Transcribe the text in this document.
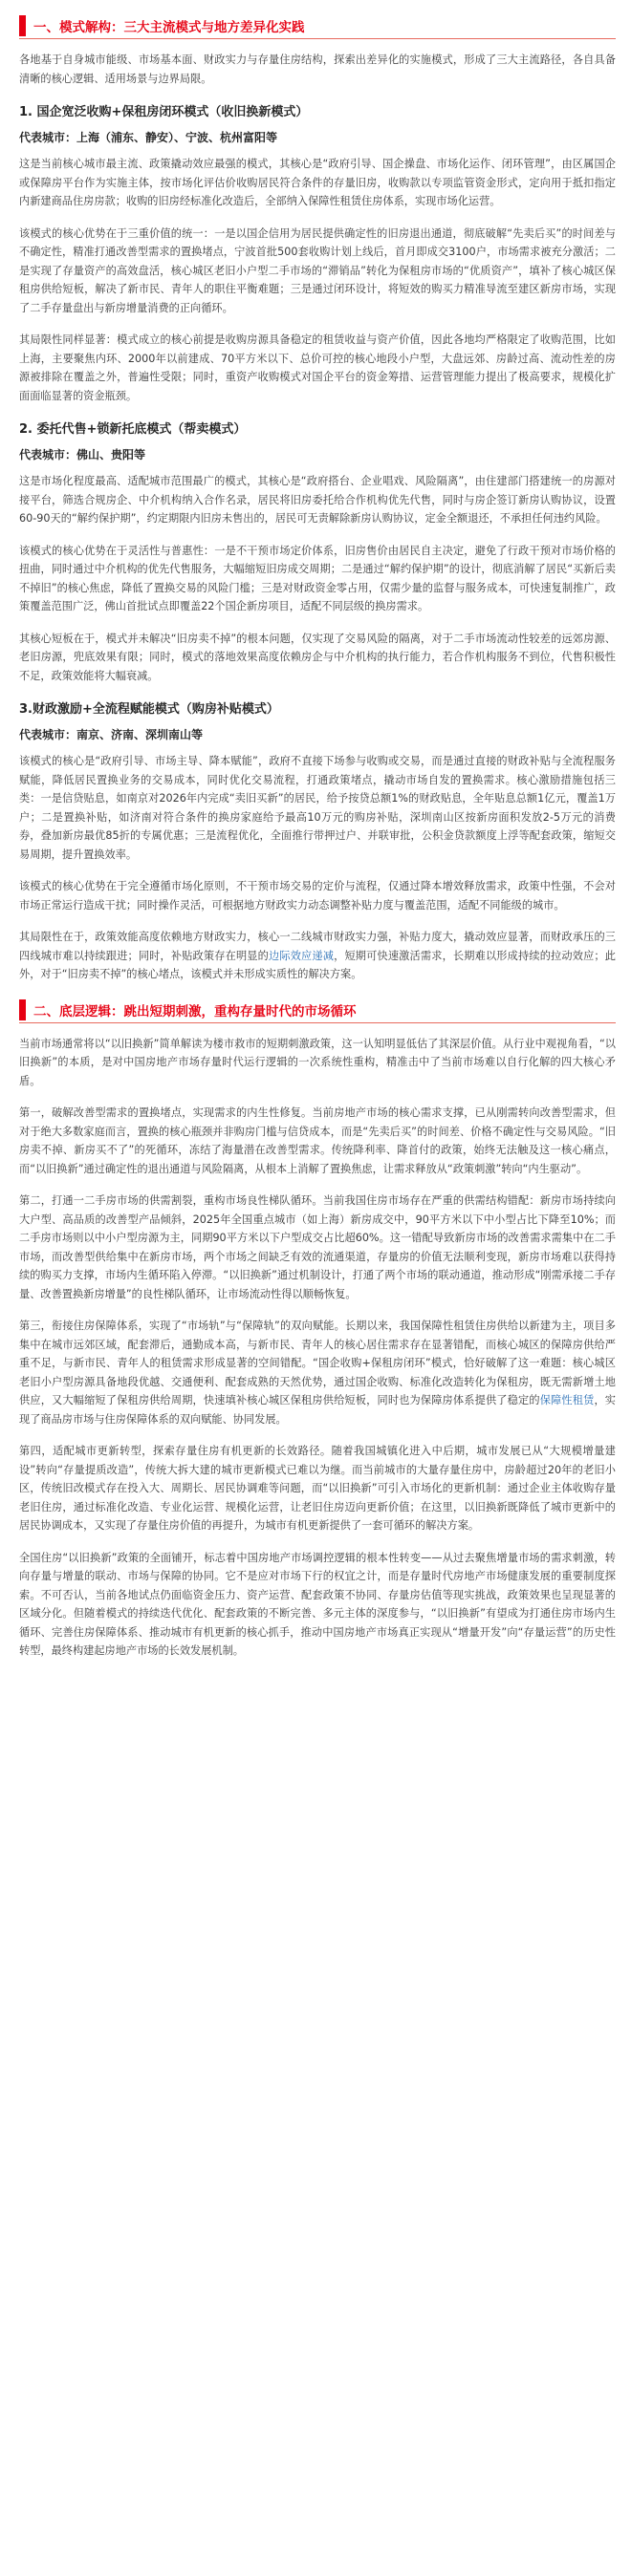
一、模式解构：三大主流模式与地方差异化实践

各地基于自身城市能级、市场基本面、财政实力与存量住房结构，探索出差异化的实施模式，形成了三大主流路径，各自具备清晰的核心逻辑、适用场景与边界局限。

1. 国企宽泛收购+保租房闭环模式（收旧换新模式）
代表城市：上海（浦东、静安）、宁波、杭州富阳等

这是当前核心城市最主流、政策撬动效应最强的模式，其核心是“政府引导、国企操盘、市场化运作、闭环管理”，由区属国企或保障房平台作为实施主体，按市场化评估价收购居民符合条件的存量旧房，收购款以专项监管资金形式，定向用于抵扣指定内新建商品住房房款；收购的旧房经标准化改造后，全部纳入保障性租赁住房体系，实现市场化运营。

该模式的核心优势在于三重价值的统一：一是以国企信用为居民提供确定性的旧房退出通道，彻底破解“先卖后买”的时间差与不确定性，精准打通改善型需求的置换堵点，宁波首批500套收购计划上线后，首月即成交3100户，市场需求被充分激活；二是实现了存量资产的高效盘活，核心城区老旧小户型二手市场的“滞销品”转化为保租房市场的“优质资产”，填补了核心城区保租房供给短板，解决了新市民、青年人的职住平衡难题；三是通过闭环设计，将短效的购买力精准导流至建区新房市场，实现了二手存量盘出与新房增量消费的正向循环。

其局限性同样显著：模式成立的核心前提是收购房源具备稳定的租赁收益与资产价值，因此各地均严格限定了收购范围，比如上海，主要聚焦内环、2000年以前建成、70平方米以下、总价可控的核心地段小户型，大盘远郊、房龄过高、流动性差的房源被排除在覆盖之外，普遍性受限；同时，重资产收购模式对国企平台的资金筹措、运营管理能力提出了极高要求，规模化扩面面临显著的资金瓶颈。

2. 委托代售+锁新托底模式（帮卖模式）
代表城市：佛山、贵阳等

这是市场化程度最高、适配城市范围最广的模式，其核心是“政府搭台、企业唱戏、风险隔离”，由住建部门搭建统一的房源对接平台，筛选合规房企、中介机构纳入合作名录，居民将旧房委托给合作机构优先代售，同时与房企签订新房认购协议，设置60-90天的“解约保护期”，约定期限内旧房未售出的，居民可无责解除新房认购协议，定金全额退还，不承担任何违约风险。

该模式的核心优势在于灵活性与普惠性：一是不干预市场定价体系，旧房售价由居民自主决定，避免了行政干预对市场价格的扭曲，同时通过中介机构的优先代售服务，大幅缩短旧房成交周期；二是通过“解约保护期”的设计，彻底消解了居民“买新后卖不掉旧”的核心焦虑，降低了置换交易的风险门槛；三是对财政资金零占用，仅需少量的监督与服务成本，可快速复制推广，政策覆盖范围广泛，佛山首批试点即覆盖22个国企新房项目，适配不同层级的换房需求。

其核心短板在于，模式并未解决“旧房卖不掉”的根本问题，仅实现了交易风险的隔离，对于二手市场流动性较差的远郊房源、老旧房源，兜底效果有限；同时，模式的落地效果高度依赖房企与中介机构的执行能力，若合作机构服务不到位，代售积极性不足，政策效能将大幅衰减。

3.财政激励+全流程赋能模式（购房补贴模式）
代表城市：南京、济南、深圳南山等

该模式的核心是“政府引导、市场主导、降本赋能”，政府不直接下场参与收购或交易，而是通过直接的财政补贴与全流程服务赋能，降低居民置换业务的交易成本，同时优化交易流程，打通政策堵点，撬动市场自发的置换需求。核心激励措施包括三类：一是信贷贴息，如南京对2026年内完成“卖旧买新”的居民，给予按贷总额1%的财政贴息，全年贴息总额1亿元，覆盖1万户；二是置换补贴，如济南对符合条件的换房家庭给予最高10万元的购房补贴，深圳南山区按新房面积发放2-5万元的消费券，叠加新房最优85折的专属优惠；三是流程优化，全面推行带押过户、并联审批，公积金贷款额度上浮等配套政策，缩短交易周期，提升置换效率。

该模式的核心优势在于完全遵循市场化原则，不干预市场交易的定价与流程，仅通过降本增效释放需求，政策中性强，不会对市场正常运行造成干扰；同时操作灵活，可根据地方财政实力动态调整补贴力度与覆盖范围，适配不同能级的城市。

其局限性在于，政策效能高度依赖地方财政实力，核心一二线城市财政实力强，补贴力度大，撬动效应显著，而财政承压的三四线城市难以持续跟进；同时，补贴政策存在明显的边际效应递减，短期可快速激活需求，长期难以形成持续的拉动效应；此外，对于“旧房卖不掉”的核心堵点，该模式并未形成实质性的解决方案。

二、底层逻辑：跳出短期刺激，重构存量时代的市场循环

当前市场通常将以“以旧换新”简单解读为楼市救市的短期刺激政策，这一认知明显低估了其深层价值。从行业中观视角看，“以旧换新”的本质，是对中国房地产市场存量时代运行逻辑的一次系统性重构，精准击中了当前市场难以自行化解的四大核心矛盾。

第一，破解改善型需求的置换堵点，实现需求的内生性修复。当前房地产市场的核心需求支撑，已从刚需转向改善型需求，但对于绝大多数家庭而言，置换的核心瓶颈并非购房门槛与信贷成本，而是“先卖后买”的时间差、价格不确定性与交易风险。“旧房卖不掉、新房买不了”的死循环，冻结了海量潜在改善型需求。传统降利率、降首付的政策，始终无法触及这一核心痛点，而“以旧换新”通过确定性的退出通道与风险隔离，从根本上消解了置换焦虑，让需求释放从“政策刺激”转向“内生驱动”。

第二，打通一二手房市场的供需割裂，重构市场良性梯队循环。当前我国住房市场存在严重的供需结构错配：新房市场持续向大户型、高品质的改善型产品倾斜，2025年全国重点城市（如上海）新房成交中，90平方米以下中小型占比下降至10%；而二手房市场则以中小户型房源为主，同期90平方米以下户型成交占比超60%。这一错配导致新房市场的改善需求需集中在二手市场，而改善型供给集中在新房市场，两个市场之间缺乏有效的流通渠道，存量房的价值无法顺利变现，新房市场难以获得持续的购买力支撑，市场内生循环陷入停滞。“以旧换新”通过机制设计，打通了两个市场的联动通道，推动形成“刚需承接二手存量、改善置换新房增量”的良性梯队循环，让市场流动性得以顺畅恢复。

第三，衔接住房保障体系，实现了“市场轨”与“保障轨”的双向赋能。长期以来，我国保障性租赁住房供给以新建为主，项目多集中在城市远郊区域，配套滞后，通勤成本高，与新市民、青年人的核心居住需求存在显著错配，而核心城区的保障房供给严重不足，与新市民、青年人的租赁需求形成显著的空间错配。“国企收购+保租房闭环”模式，恰好破解了这一难题：核心城区老旧小户型房源具备地段优越、交通便利、配套成熟的天然优势，通过国企收购、标准化改造转化为保租房，既无需新增土地供应，又大幅缩短了保租房供给周期，快速填补核心城区保租房供给短板，同时也为保障房体系提供了稳定的保障性租赁，实现了商品房市场与住房保障体系的双向赋能、协同发展。

第四，适配城市更新转型，探索存量住房有机更新的长效路径。随着我国城镇化进入中后期，城市发展已从“大规模增量建设”转向“存量提质改造”，传统大拆大建的城市更新模式已难以为继。而当前城市的大量存量住房中，房龄超过20年的老旧小区，传统旧改模式存在投入大、周期长、居民协调难等问题，而“以旧换新”可引入市场化的更新机制：通过企业主体收购存量老旧住房，通过标准化改造、专业化运营、规模化运营，让老旧住房迈向更新价值；在这里，以旧换新既降低了城市更新中的居民协调成本，又实现了存量住房价值的再提升，为城市有机更新提供了一套可循环的解决方案。

全国住房“以旧换新”政策的全面铺开，标志着中国房地产市场调控逻辑的根本性转变——从过去聚焦增量市场的需求刺激，转向存量与增量的联动、市场与保障的协同。它不是应对市场下行的权宜之计，而是存量时代房地产市场健康发展的重要制度探索。不可否认，当前各地试点仍面临资金压力、资产运营、配套政策不协同、存量房估值等现实挑战，政策效果也呈现显著的区域分化。但随着模式的持续迭代优化、配套政策的不断完善、多元主体的深度参与，“以旧换新”有望成为打通住房市场内生循环、完善住房保障体系、推动城市有机更新的核心抓手，推动中国房地产市场真正实现从“增量开发”向“存量运营”的历史性转型，最终构建起房地产市场的长效发展机制。
